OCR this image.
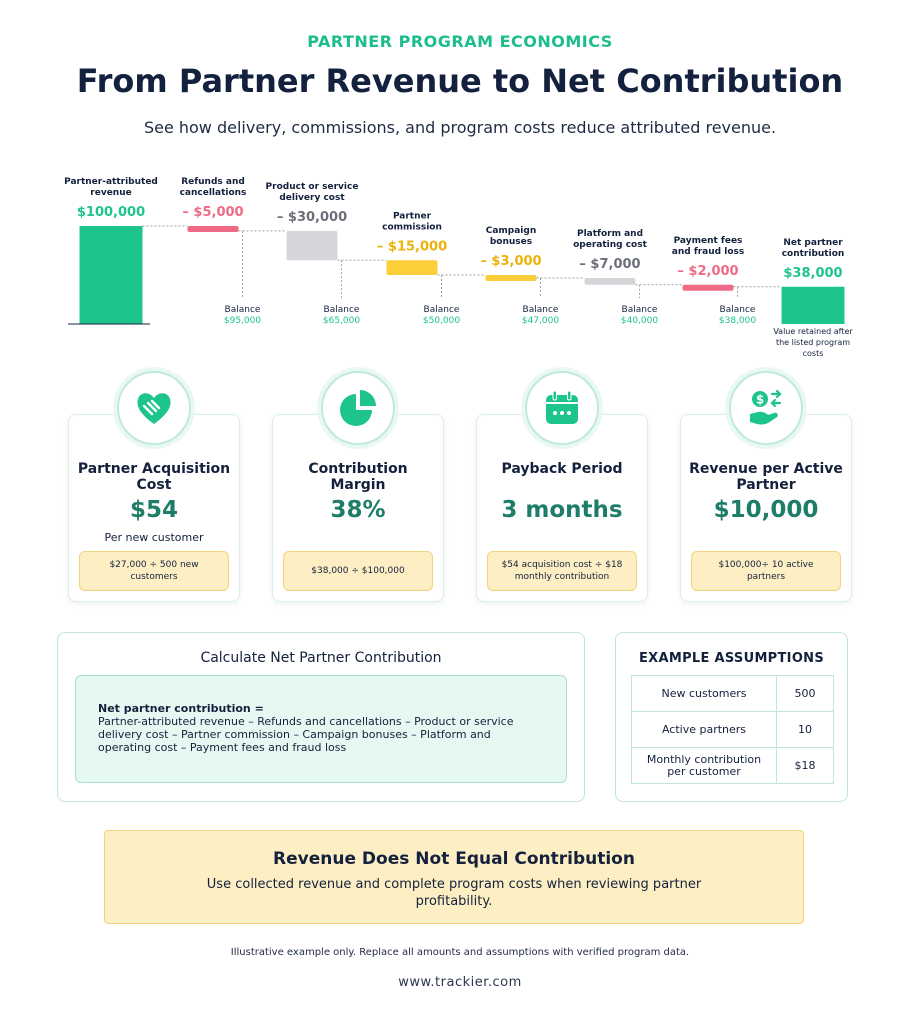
PARTNER PROGRAM ECONOMICS
From Partner Revenue to Net Contribution
See how delivery, commissions, and program costs reduce attributed revenue.
$100,000
Partner-attributed
revenue
Balance
$95,000
– $5,000
Refunds and
cancellations
Balance
$65,000
– $30,000
Product or service
delivery cost
Balance
$50,000
– $15,000
Partner
commission
Balance
$47,000
– $3,000
Campaign
bonuses
Balance
$40,000
– $7,000
Platform and
operating cost
Balance
$38,000
– $2,000
Payment fees
and fraud loss
$38,000
Net partner
contribution
Value retained after
the listed program
costs
Partner Acquisition Cost
$54
Per new customer
$27,000 ÷ 500 new customers
Contribution Margin
38%
$38,000 ÷ $100,000
Payback Period
3 months
$54 acquisition cost ÷ $18 monthly contribution
$
Revenue per Active Partner
$10,000
$100,000÷ 10 active partners
Calculate Net Partner Contribution
Net partner contribution =
Partner-attributed revenue – Refunds and cancellations – Product or service delivery cost – Partner commission – Campaign bonuses – Platform and operating cost – Payment fees and fraud loss
EXAMPLE ASSUMPTIONS
New customers	500
Active partners	10
Monthly contribution per customer	$18
Revenue Does Not Equal Contribution
Use collected revenue and complete program costs when reviewing partner profitability.
Illustrative example only. Replace all amounts and assumptions with verified program data.
www.trackier.com
